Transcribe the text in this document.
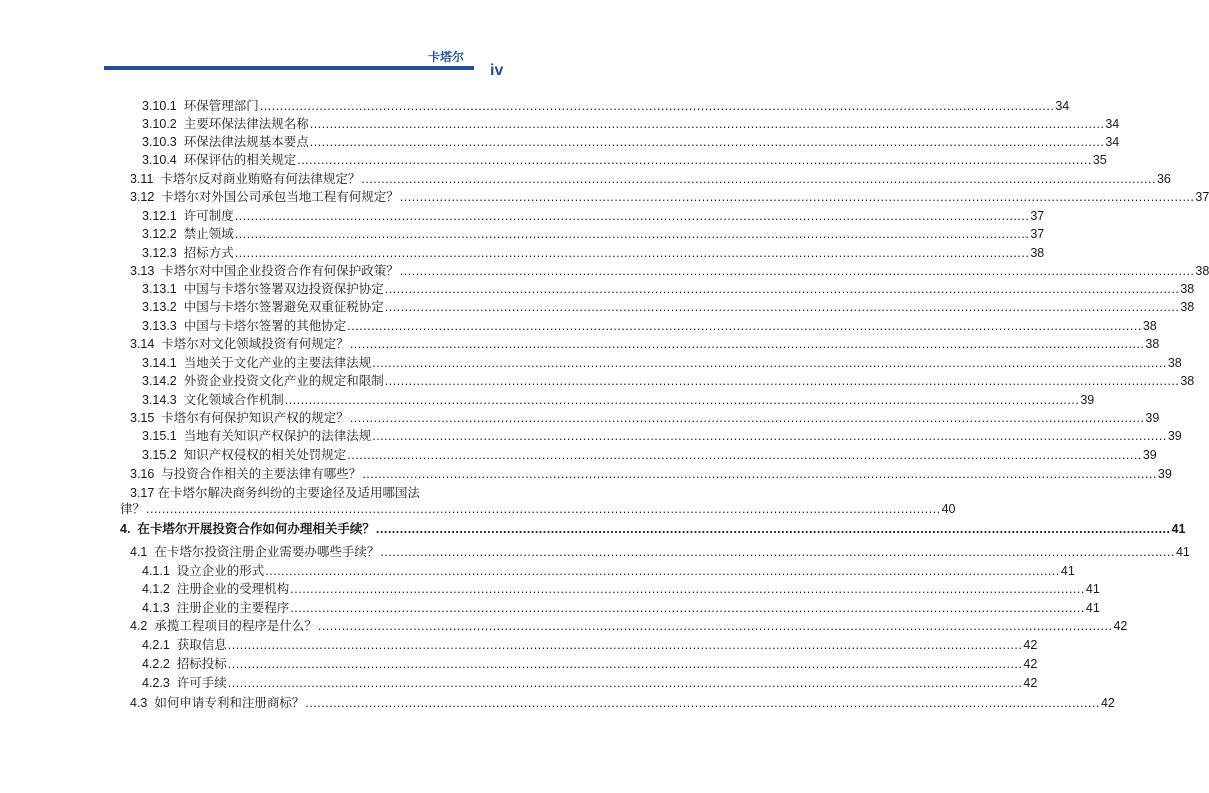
卡塔尔
iv
3.10.1
环保管理部门 ........................................................................................................................................................................................................ 34
3.10.2
主要环保法律法规名称 ........................................................................................................................................................................................................ 34
3.10.3
环保法律法规基本要点 ........................................................................................................................................................................................................ 34
3.10.4
环保评估的相关规定 ........................................................................................................................................................................................................ 35
3.11
卡塔尔反对商业贿赂有何法律规定？ ........................................................................................................................................................................................................ 36
3.12
卡塔尔对外国公司承包当地工程有何规定？ ........................................................................................................................................................................................................ 37
3.12.1
许可制度 ........................................................................................................................................................................................................ 37
3.12.2
禁止领域 ........................................................................................................................................................................................................ 37
3.12.3
招标方式 ........................................................................................................................................................................................................ 38
3.13
卡塔尔对中国企业投资合作有何保护政策？ ........................................................................................................................................................................................................ 38
3.13.1
中国与卡塔尔签署双边投资保护协定 ........................................................................................................................................................................................................ 38
3.13.2
中国与卡塔尔签署避免双重征税协定 ........................................................................................................................................................................................................ 38
3.13.3
中国与卡塔尔签署的其他协定 ........................................................................................................................................................................................................ 38
3.14
卡塔尔对文化领域投资有何规定？ ........................................................................................................................................................................................................ 38
3.14.1
当地关于文化产业的主要法律法规 ........................................................................................................................................................................................................ 38
3.14.2
外资企业投资文化产业的规定和限制 ........................................................................................................................................................................................................ 38
3.14.3
文化领域合作机制 ........................................................................................................................................................................................................ 39
3.15
卡塔尔有何保护知识产权的规定？ ........................................................................................................................................................................................................ 39
3.15.1
当地有关知识产权保护的法律法规 ........................................................................................................................................................................................................ 39
3.15.2
知识产权侵权的相关处罚规定 ........................................................................................................................................................................................................ 39
3.16
与投资合作相关的主要法律有哪些？ ........................................................................................................................................................................................................ 39
3.17 在卡塔尔解决商务纠纷的主要途径及适用哪国法
律？ ........................................................................................................................................................................................................ 40
4.
在卡塔尔开展投资合作如何办理相关手续？ ........................................................................................................................................................................................................ 41
4.1
在卡塔尔投资注册企业需要办哪些手续？ ........................................................................................................................................................................................................ 41
4.1.1
设立企业的形式 ........................................................................................................................................................................................................ 41
4.1.2
注册企业的受理机构 ........................................................................................................................................................................................................ 41
4.1.3
注册企业的主要程序 ........................................................................................................................................................................................................ 41
4.2
承揽工程项目的程序是什么？ ........................................................................................................................................................................................................ 42
4.2.1
获取信息 ........................................................................................................................................................................................................ 42
4.2.2
招标投标 ........................................................................................................................................................................................................ 42
4.2.3
许可手续 ........................................................................................................................................................................................................ 42
4.3
如何申请专利和注册商标？ ........................................................................................................................................................................................................ 42
